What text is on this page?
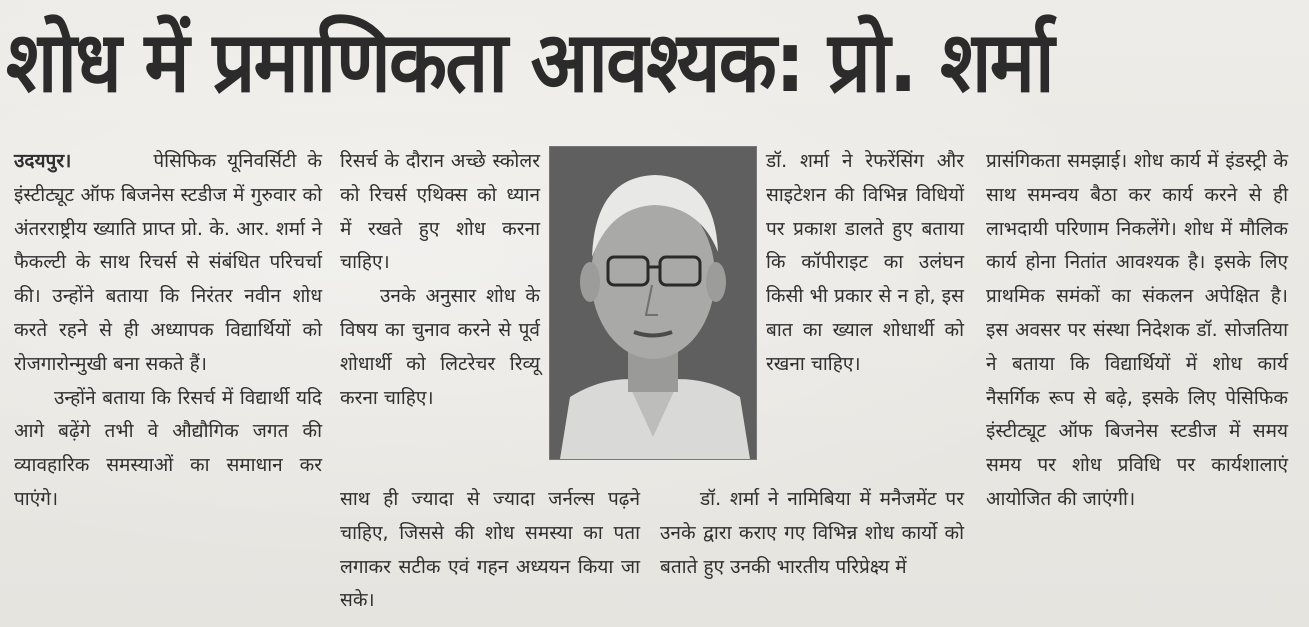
शोध में प्रमाणिकता आवश्यक: प्रो. शर्मा

उदयपुर।	पेसिफिक यूनिवर्सिटी के इंस्टीट्यूट ऑफ बिजनेस स्टडीज में गुरुवार को अंतरराष्ट्रीय ख्याति प्राप्त प्रो. के. आर. शर्मा ने फैकल्टी के साथ रिचर्स से संबंधित परिचर्चा की। उन्होंने बताया कि निरंतर नवीन शोध करते रहने से ही अध्यापक विद्यार्थियों को रोजगारोन्मुखी बना सकते हैं।

उन्होंने बताया कि रिसर्च में विद्यार्थी यदि आगे बढ़ेंगे तभी वे औद्यौगिक जगत की व्यावहारिक समस्याओं का समाधान कर पाएंगे।

रिसर्च के दौरान अच्छे स्कोलर को रिचर्स एथिक्स को ध्यान में रखते हुए शोध करना चाहिए।

उनके अनुसार शोध के विषय का चुनाव करने से पूर्व शोधार्थी को लिटरेचर रिव्यू करना चाहिए।

डॉ. शर्मा ने रेफरेंसिंग और साइटेशन की विभिन्न विधियों पर प्रकाश डालते हुए बताया कि कॉपीराइट का उलंघन किसी भी प्रकार से न हो, इस बात का ख्याल शोधार्थी को रखना चाहिए।

साथ ही ज्यादा से ज्यादा जर्नल्स पढ़ने चाहिए, जिससे की शोध समस्या का पता लगाकर सटीक एवं गहन अध्ययन किया जा सके।

डॉ. शर्मा ने नामिबिया में मनैजमेंट पर उनके द्वारा कराए गए विभिन्न शोध कार्यो को बताते हुए उनकी भारतीय परिप्रेक्ष्य में

प्रासंगिकता समझाई। शोध कार्य में इंडस्ट्री के साथ समन्वय बैठा कर कार्य करने से ही लाभदायी परिणाम निकलेंगे। शोध में मौलिक कार्य होना नितांत आवश्यक है। इसके लिए प्राथमिक समंकों का संकलन अपेक्षित है। इस अवसर पर संस्था निदेशक डॉ. सोजतिया ने बताया कि विद्यार्थियों में शोध कार्य नैसर्गिक रूप से बढ़े, इसके लिए पेसिफिक इंस्टीट्यूट ऑफ बिजनेस स्टडीज में समय समय पर शोध प्रविधि पर कार्यशालाएं आयोजित की जाएंगी।
